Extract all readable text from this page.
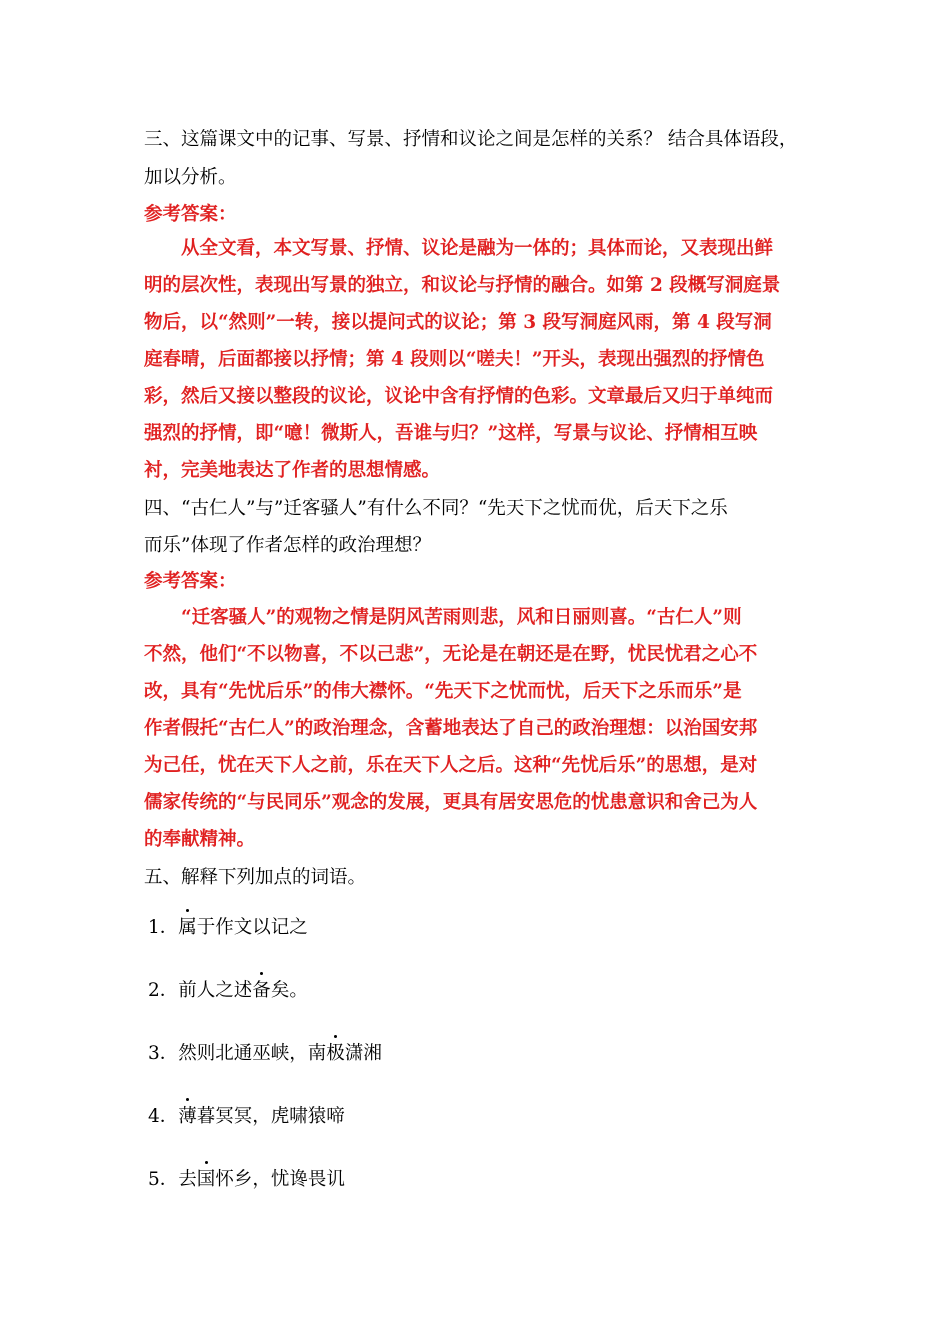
三、这篇课文中的记事、写景、抒情和议论之间是怎样的关系？ 结合具体语段，
加以分析。
参考答案：
从全文看，本文写景、抒情、议论是融为一体的；具体而论，又表现出鲜
明的层次性，表现出写景的独立，和议论与抒情的融合。如第 2 段概写洞庭景
物后，以“然则”一转，接以提问式的议论；第 3 段写洞庭风雨，第 4 段写洞
庭春晴，后面都接以抒情；第 4 段则以“嗟夫！”开头，表现出强烈的抒情色
彩，然后又接以整段的议论，议论中含有抒情的色彩。文章最后又归于单纯而
强烈的抒情，即“噫！微斯人，吾谁与归？”这样，写景与议论、抒情相互映
衬，完美地表达了作者的思想情感。
四、“古仁人”与”迁客骚人”有什么不同？“先天下之忧而优，后天下之乐
而乐”体现了作者怎样的政治理想？
参考答案：
“迁客骚人”的观物之情是阴风苦雨则悲，风和日丽则喜。“古仁人”则
不然，他们“不以物喜，不以己悲”，无论是在朝还是在野，忧民忧君之心不
改，具有“先忧后乐”的伟大襟怀。“先天下之忧而忧，后天下之乐而乐”是
作者假托“古仁人”的政治理念，含蓄地表达了自己的政治理想：以治国安邦
为己任，忧在天下人之前，乐在天下人之后。这种“先忧后乐”的思想，是对
儒家传统的“与民同乐”观念的发展，更具有居安思危的忧患意识和舍己为人
的奉献精神。
五、解释下列加点的词语。
1．属于作文以记之
2．前人之述备矣。
3．然则北通巫峡，南极潇湘
4．薄暮冥冥，虎啸猿啼
5．去国怀乡，忧谗畏讥
